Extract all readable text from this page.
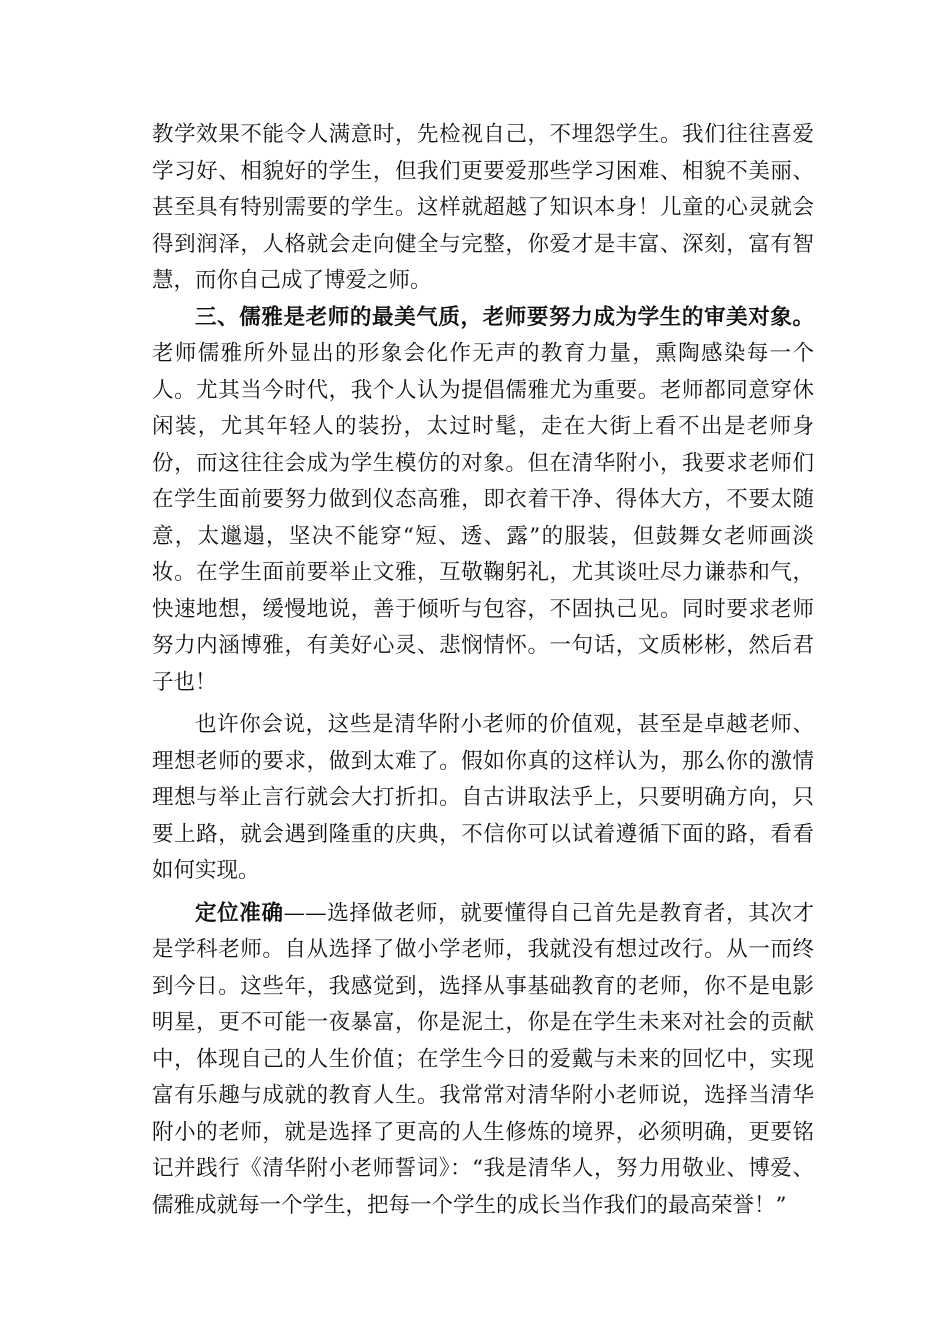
教学效果不能令人满意时，先检视自己，不埋怨学生。我们往往喜爱学习好、相貌好的学生，但我们更要爱那些学习困难、相貌不美丽、甚至具有特别需要的学生。这样就超越了知识本身！儿童的心灵就会得到润泽，人格就会走向健全与完整，你爱才是丰富、深刻，富有智慧，而你自己成了博爱之师。

三、儒雅是老师的最美气质，老师要努力成为学生的审美对象。老师儒雅所外显出的形象会化作无声的教育力量，熏陶感染每一个人。尤其当今时代，我个人认为提倡儒雅尤为重要。老师都同意穿休闲装，尤其年轻人的装扮，太过时髦，走在大街上看不出是老师身份，而这往往会成为学生模仿的对象。但在清华附小，我要求老师们在学生面前要努力做到仪态高雅，即衣着干净、得体大方，不要太随意，太邋遢，坚决不能穿“短、透、露”的服装，但鼓舞女老师画淡妆。在学生面前要举止文雅，互敬鞠躬礼，尤其谈吐尽力谦恭和气，快速地想，缓慢地说，善于倾听与包容，不固执己见。同时要求老师努力内涵博雅，有美好心灵、悲悯情怀。一句话，文质彬彬，然后君子也！

也许你会说，这些是清华附小老师的价值观，甚至是卓越老师、理想老师的要求，做到太难了。假如你真的这样认为，那么你的激情理想与举止言行就会大打折扣。自古讲取法乎上，只要明确方向，只要上路，就会遇到隆重的庆典，不信你可以试着遵循下面的路，看看如何实现。

定位准确——选择做老师，就要懂得自己首先是教育者，其次才是学科老师。自从选择了做小学老师，我就没有想过改行。从一而终到今日。这些年，我感觉到，选择从事基础教育的老师，你不是电影明星，更不可能一夜暴富，你是泥土，你是在学生未来对社会的贡献中，体现自己的人生价值；在学生今日的爱戴与未来的回忆中，实现富有乐趣与成就的教育人生。我常常对清华附小老师说，选择当清华附小的老师，就是选择了更高的人生修炼的境界，必须明确，更要铭记并践行《清华附小老师誓词》：“我是清华人，努力用敬业、博爱、儒雅成就每一个学生，把每一个学生的成长当作我们的最高荣誉！”
